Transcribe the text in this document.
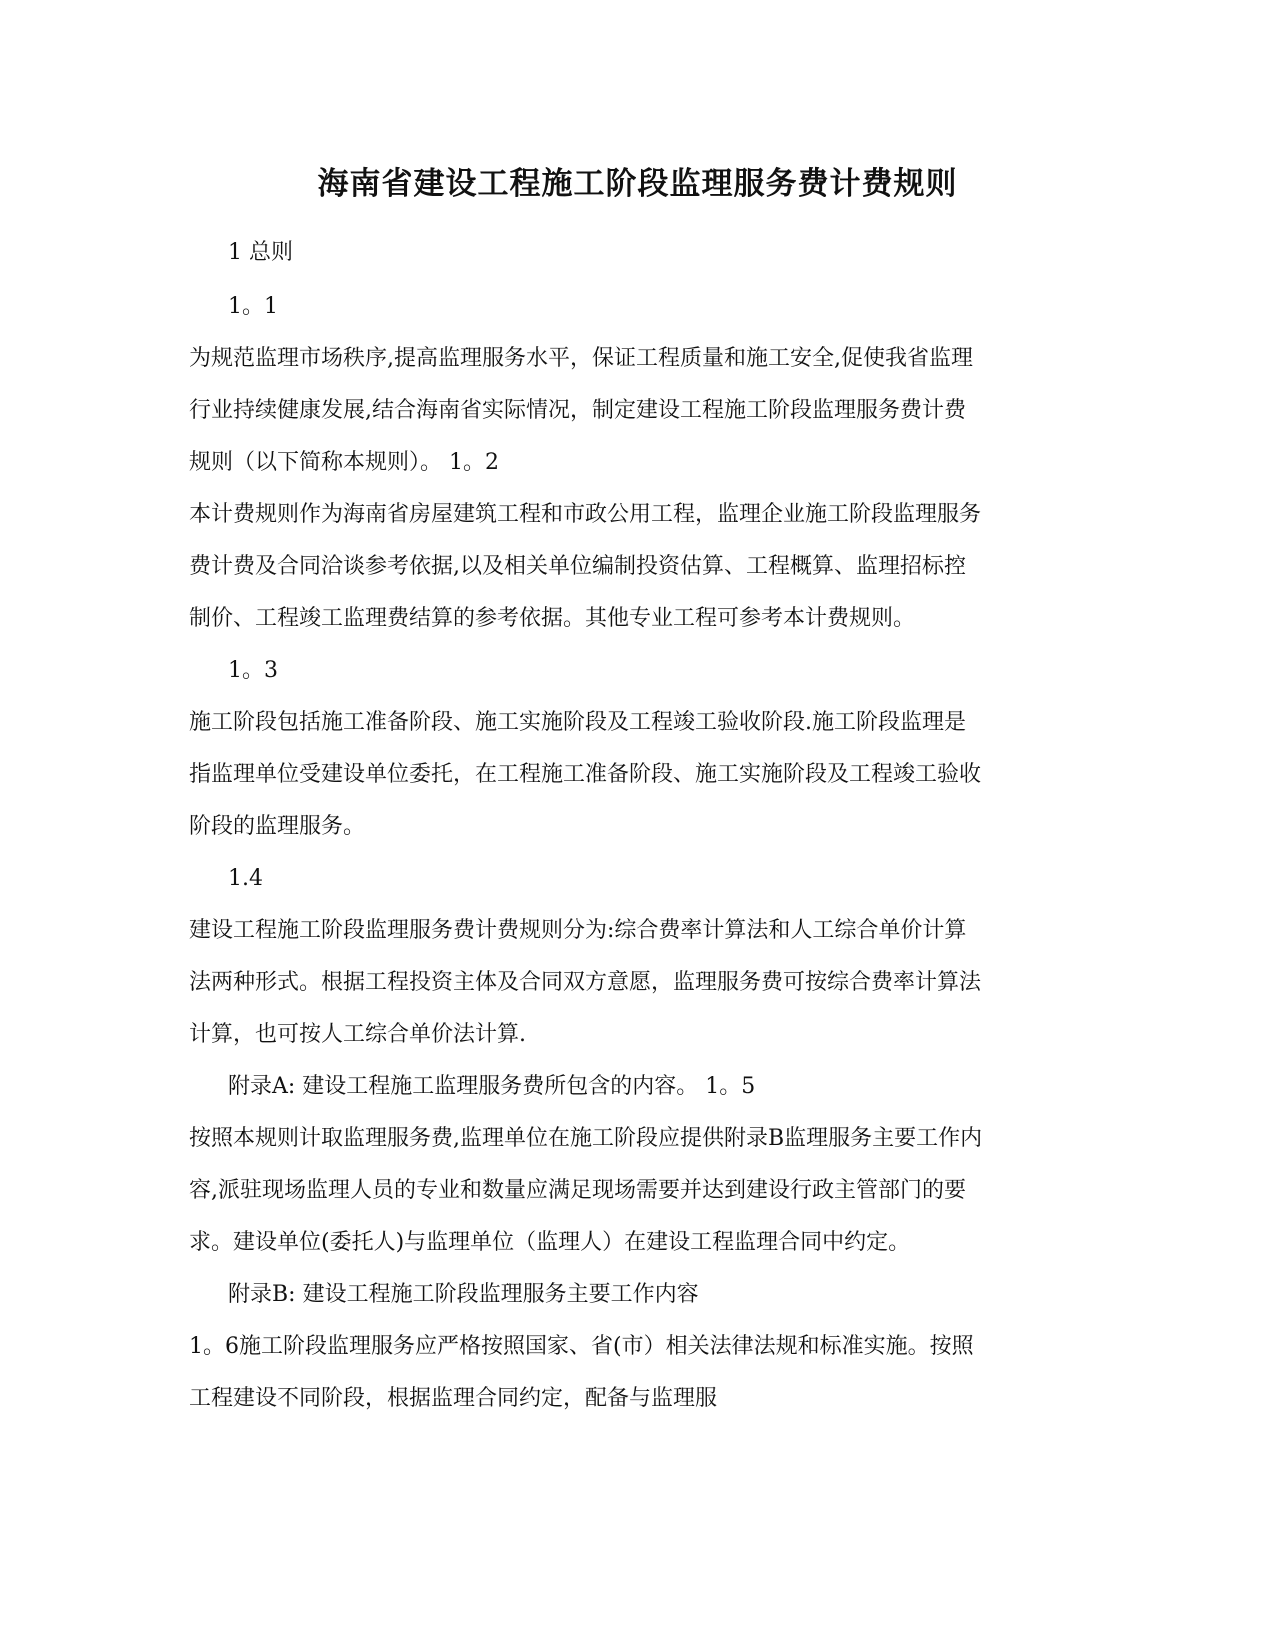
海南省建设工程施工阶段监理服务费计费规则
1 总则
1。1
为规范监理市场秩序,提高监理服务水平，保证工程质量和施工安全,促使我省监理
行业持续健康发展,结合海南省实际情况，制定建设工程施工阶段监理服务费计费
规则（以下简称本规则）。 1。2
本计费规则作为海南省房屋建筑工程和市政公用工程，监理企业施工阶段监理服务
费计费及合同洽谈参考依据,以及相关单位编制投资估算、工程概算、监理招标控
制价、工程竣工监理费结算的参考依据。其他专业工程可参考本计费规则。
1。3
施工阶段包括施工准备阶段、施工实施阶段及工程竣工验收阶段.施工阶段监理是
指监理单位受建设单位委托，在工程施工准备阶段、施工实施阶段及工程竣工验收
阶段的监理服务。
1.4
建设工程施工阶段监理服务费计费规则分为:综合费率计算法和人工综合单价计算
法两种形式。根据工程投资主体及合同双方意愿，监理服务费可按综合费率计算法
计算，也可按人工综合单价法计算.
附录A: 建设工程施工监理服务费所包含的内容。 1。5
按照本规则计取监理服务费,监理单位在施工阶段应提供附录B监理服务主要工作内
容,派驻现场监理人员的专业和数量应满足现场需要并达到建设行政主管部门的要
求。建设单位(委托人)与监理单位（监理人）在建设工程监理合同中约定。
附录B: 建设工程施工阶段监理服务主要工作内容
1。6施工阶段监理服务应严格按照国家、省(市）相关法律法规和标准实施。按照
工程建设不同阶段，根据监理合同约定，配备与监理服
